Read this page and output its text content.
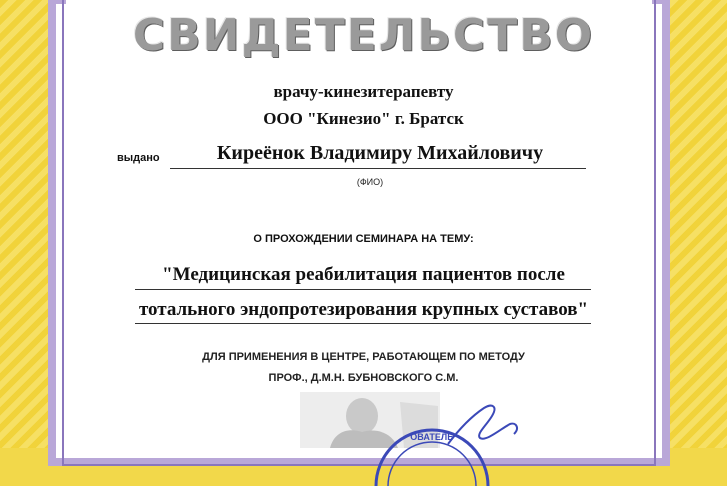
СВИДЕТЕЛЬСТВО
врачу-кинезитерапевту
ООО "Кинезио" г. Братск
выдано	Киреёнок Владимиру Михайловичу
(ФИО)
О ПРОХОЖДЕНИИ СЕМИНАРА НА ТЕМУ:
"Медицинская реабилитация пациентов после
тотального эндопротезирования крупных суставов"
ДЛЯ ПРИМЕНЕНИЯ В ЦЕНТРЕ, РАБОТАЮЩЕМ ПО МЕТОДУ
ПРОФ., Д.М.Н. БУБНОВСКОГО С.М.
ОВАТЕЛЬ
